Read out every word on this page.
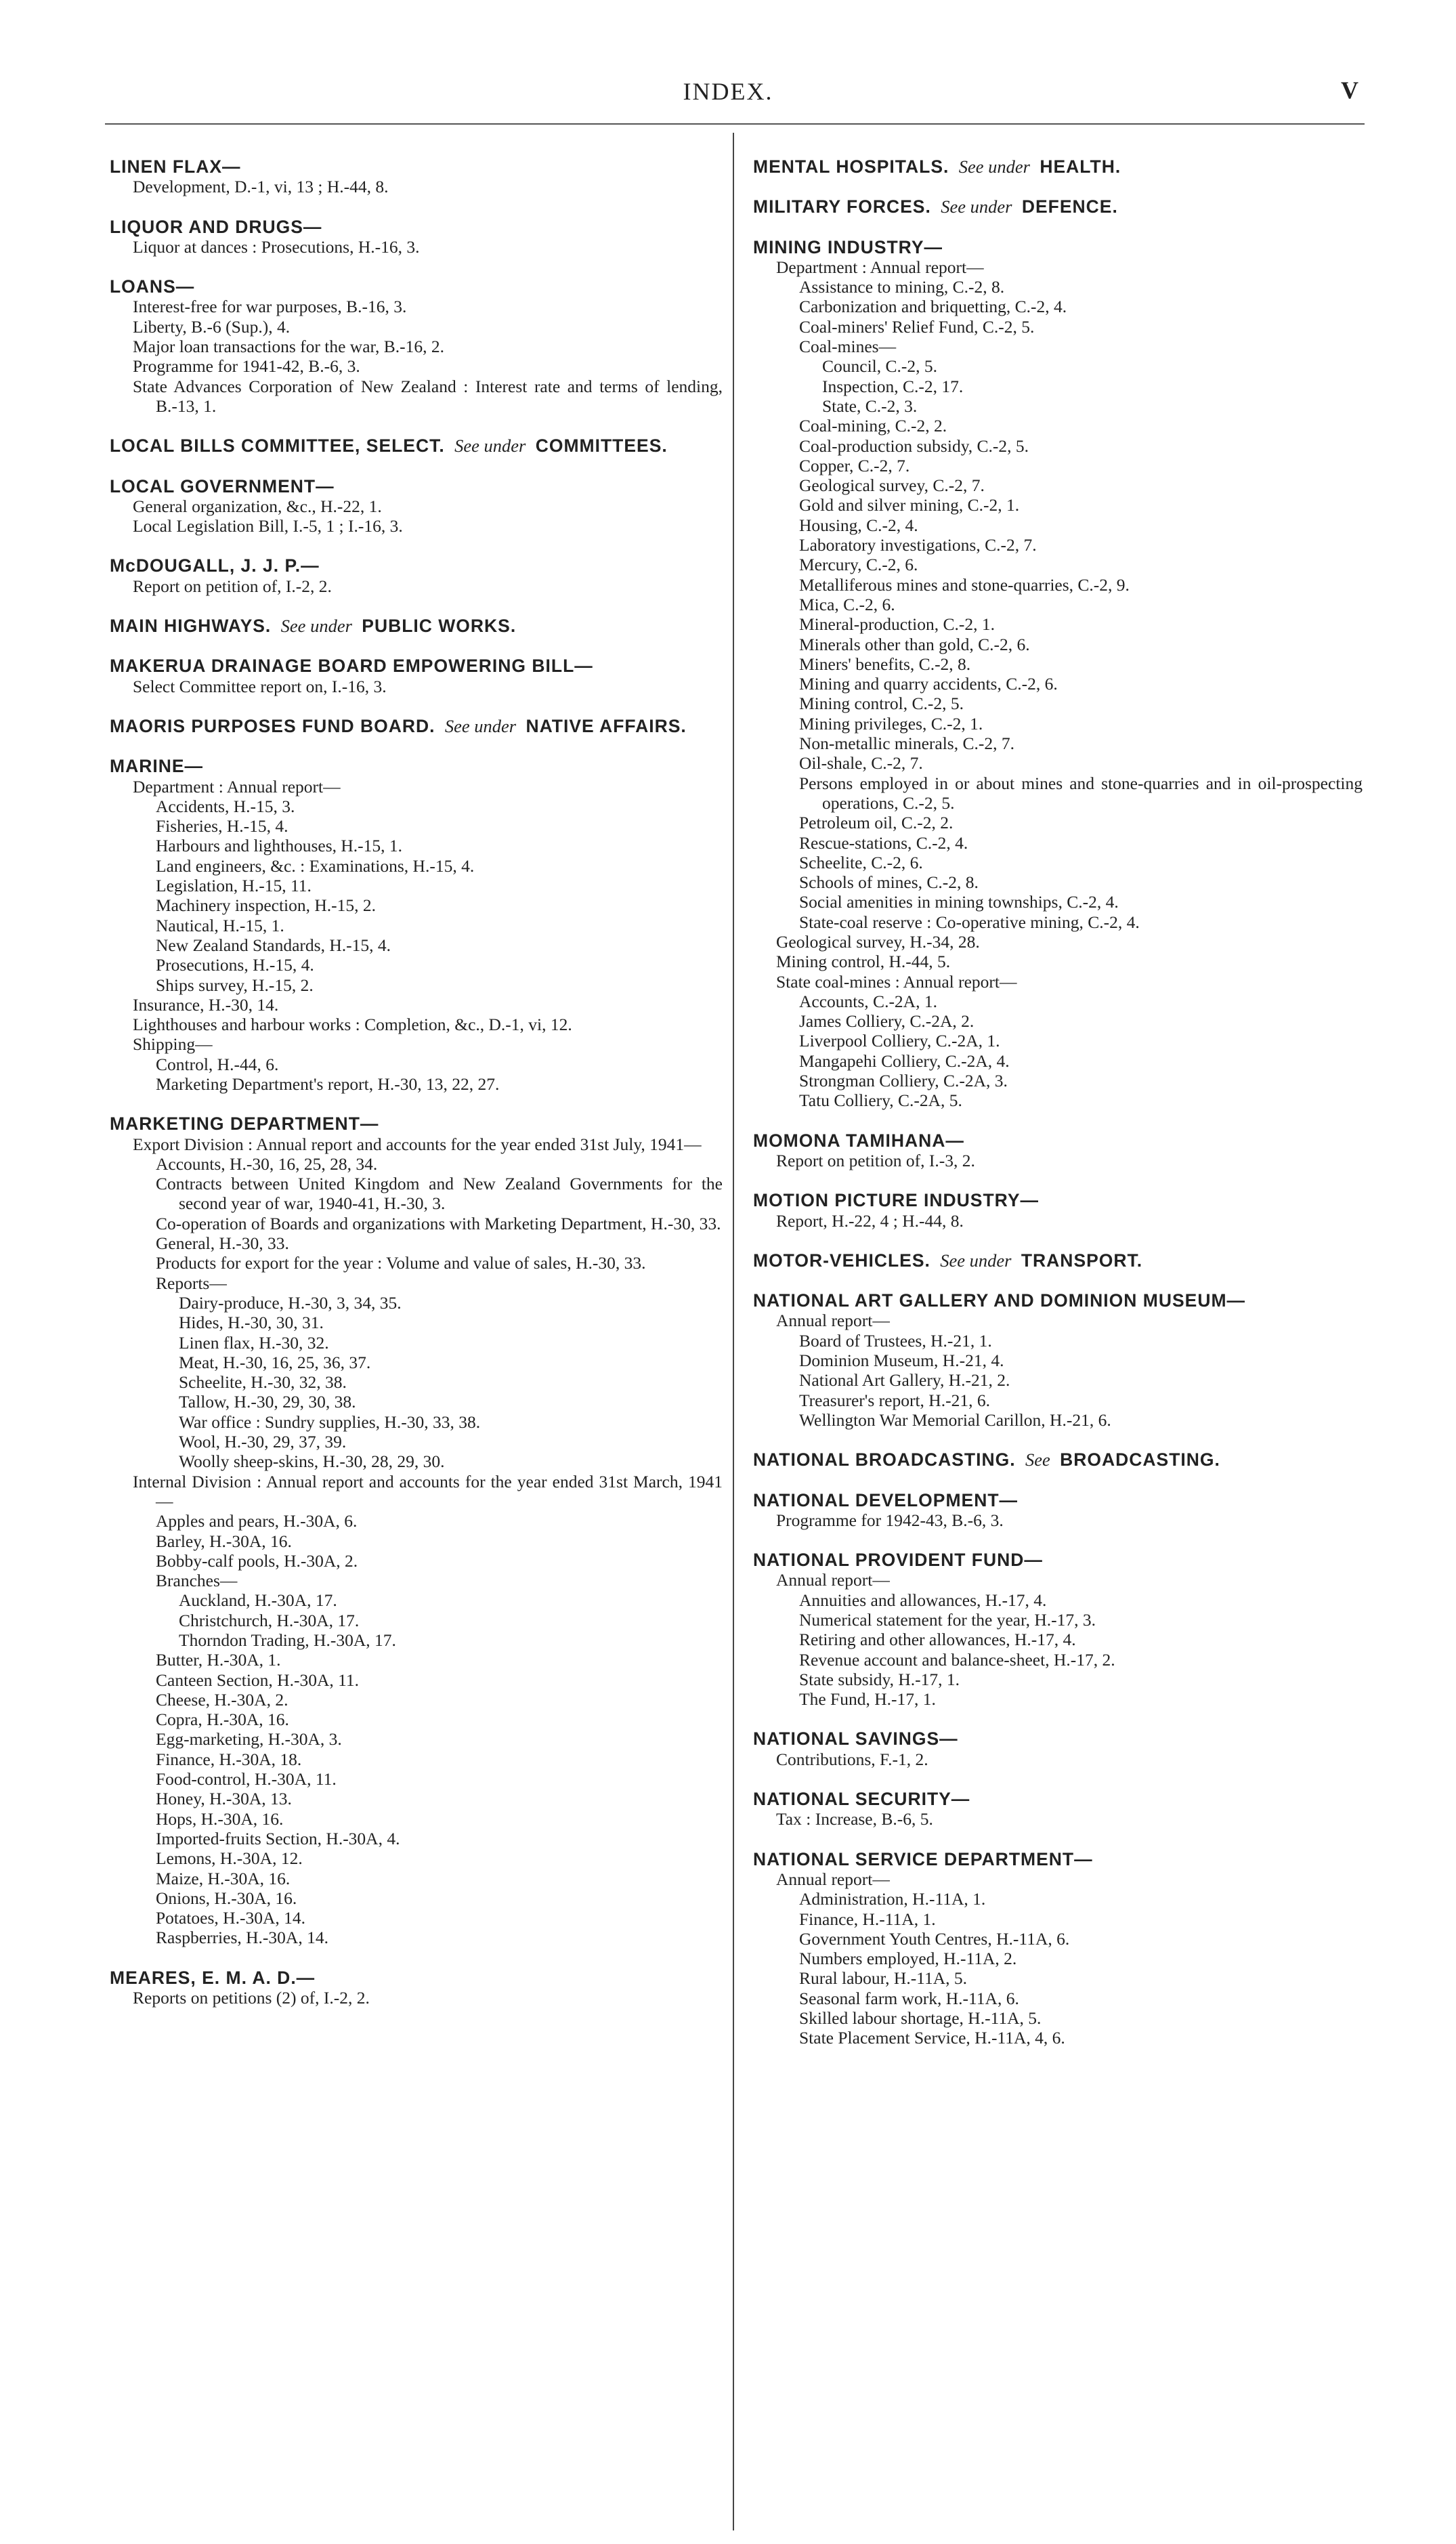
INDEX.	V
LINEN FLAX—
Development, D.-1, vi, 13 ; H.-44, 8.
LIQUOR AND DRUGS—
Liquor at dances : Prosecutions, H.-16, 3.
LOANS—
Interest-free for war purposes, B.-16, 3.
Liberty, B.-6 (Sup.), 4.
Major loan transactions for the war, B.-16, 2.
Programme for 1941-42, B.-6, 3.
State Advances Corporation of New Zealand : Interest rate and terms of lending, B.-13, 1.
LOCAL BILLS COMMITTEE, SELECT. See under COMMITTEES.
LOCAL GOVERNMENT—
General organization, &c., H.-22, 1.
Local Legislation Bill, I.-5, 1 ; I.-16, 3.
McDOUGALL, J. J. P.—
Report on petition of, I.-2, 2.
MAIN HIGHWAYS. See under PUBLIC WORKS.
MAKERUA DRAINAGE BOARD EMPOWERING BILL—
Select Committee report on, I.-16, 3.
MAORIS PURPOSES FUND BOARD. See under NATIVE AFFAIRS.
MARINE—
Department : Annual report—
Accidents, H.-15, 3.
Fisheries, H.-15, 4.
Harbours and lighthouses, H.-15, 1.
Land engineers, &c. : Examinations, H.-15, 4.
Legislation, H.-15, 11.
Machinery inspection, H.-15, 2.
Nautical, H.-15, 1.
New Zealand Standards, H.-15, 4.
Prosecutions, H.-15, 4.
Ships survey, H.-15, 2.
Insurance, H.-30, 14.
Lighthouses and harbour works : Completion, &c., D.-1, vi, 12.
Shipping—
Control, H.-44, 6.
Marketing Department's report, H.-30, 13, 22, 27.
MARKETING DEPARTMENT—
Export Division : Annual report and accounts for the year ended 31st July, 1941—
Accounts, H.-30, 16, 25, 28, 34.
Contracts between United Kingdom and New Zealand Governments for the second year of war, 1940-41, H.-30, 3.
Co-operation of Boards and organizations with Marketing Department, H.-30, 33.
General, H.-30, 33.
Products for export for the year : Volume and value of sales, H.-30, 33.
Reports—
Dairy-produce, H.-30, 3, 34, 35.
Hides, H.-30, 30, 31.
Linen flax, H.-30, 32.
Meat, H.-30, 16, 25, 36, 37.
Scheelite, H.-30, 32, 38.
Tallow, H.-30, 29, 30, 38.
War office : Sundry supplies, H.-30, 33, 38.
Wool, H.-30, 29, 37, 39.
Woolly sheep-skins, H.-30, 28, 29, 30.
Internal Division : Annual report and accounts for the year ended 31st March, 1941—
Apples and pears, H.-30A, 6.
Barley, H.-30A, 16.
Bobby-calf pools, H.-30A, 2.
Branches—
Auckland, H.-30A, 17.
Christchurch, H.-30A, 17.
Thorndon Trading, H.-30A, 17.
Butter, H.-30A, 1.
Canteen Section, H.-30A, 11.
Cheese, H.-30A, 2.
Copra, H.-30A, 16.
Egg-marketing, H.-30A, 3.
Finance, H.-30A, 18.
Food-control, H.-30A, 11.
Honey, H.-30A, 13.
Hops, H.-30A, 16.
Imported-fruits Section, H.-30A, 4.
Lemons, H.-30A, 12.
Maize, H.-30A, 16.
Onions, H.-30A, 16.
Potatoes, H.-30A, 14.
Raspberries, H.-30A, 14.
MEARES, E. M. A. D.—
Reports on petitions (2) of, I.-2, 2.
MENTAL HOSPITALS. See under HEALTH.
MILITARY FORCES. See under DEFENCE.
MINING INDUSTRY—
Department : Annual report—
Assistance to mining, C.-2, 8.
Carbonization and briquetting, C.-2, 4.
Coal-miners' Relief Fund, C.-2, 5.
Coal-mines—
Council, C.-2, 5.
Inspection, C.-2, 17.
State, C.-2, 3.
Coal-mining, C.-2, 2.
Coal-production subsidy, C.-2, 5.
Copper, C.-2, 7.
Geological survey, C.-2, 7.
Gold and silver mining, C.-2, 1.
Housing, C.-2, 4.
Laboratory investigations, C.-2, 7.
Mercury, C.-2, 6.
Metalliferous mines and stone-quarries, C.-2, 9.
Mica, C.-2, 6.
Mineral-production, C.-2, 1.
Minerals other than gold, C.-2, 6.
Miners' benefits, C.-2, 8.
Mining and quarry accidents, C.-2, 6.
Mining control, C.-2, 5.
Mining privileges, C.-2, 1.
Non-metallic minerals, C.-2, 7.
Oil-shale, C.-2, 7.
Persons employed in or about mines and stone-quarries and in oil-prospecting operations, C.-2, 5.
Petroleum oil, C.-2, 2.
Rescue-stations, C.-2, 4.
Scheelite, C.-2, 6.
Schools of mines, C.-2, 8.
Social amenities in mining townships, C.-2, 4.
State-coal reserve : Co-operative mining, C.-2, 4.
Geological survey, H.-34, 28.
Mining control, H.-44, 5.
State coal-mines : Annual report—
Accounts, C.-2A, 1.
James Colliery, C.-2A, 2.
Liverpool Colliery, C.-2A, 1.
Mangapehi Colliery, C.-2A, 4.
Strongman Colliery, C.-2A, 3.
Tatu Colliery, C.-2A, 5.
MOMONA TAMIHANA—
Report on petition of, I.-3, 2.
MOTION PICTURE INDUSTRY—
Report, H.-22, 4 ; H.-44, 8.
MOTOR-VEHICLES. See under TRANSPORT.
NATIONAL ART GALLERY AND DOMINION MUSEUM—
Annual report—
Board of Trustees, H.-21, 1.
Dominion Museum, H.-21, 4.
National Art Gallery, H.-21, 2.
Treasurer's report, H.-21, 6.
Wellington War Memorial Carillon, H.-21, 6.
NATIONAL BROADCASTING. See BROADCASTING.
NATIONAL DEVELOPMENT—
Programme for 1942-43, B.-6, 3.
NATIONAL PROVIDENT FUND—
Annual report—
Annuities and allowances, H.-17, 4.
Numerical statement for the year, H.-17, 3.
Retiring and other allowances, H.-17, 4.
Revenue account and balance-sheet, H.-17, 2.
State subsidy, H.-17, 1.
The Fund, H.-17, 1.
NATIONAL SAVINGS—
Contributions, F.-1, 2.
NATIONAL SECURITY—
Tax : Increase, B.-6, 5.
NATIONAL SERVICE DEPARTMENT—
Annual report—
Administration, H.-11A, 1.
Finance, H.-11A, 1.
Government Youth Centres, H.-11A, 6.
Numbers employed, H.-11A, 2.
Rural labour, H.-11A, 5.
Seasonal farm work, H.-11A, 6.
Skilled labour shortage, H.-11A, 5.
State Placement Service, H.-11A, 4, 6.
